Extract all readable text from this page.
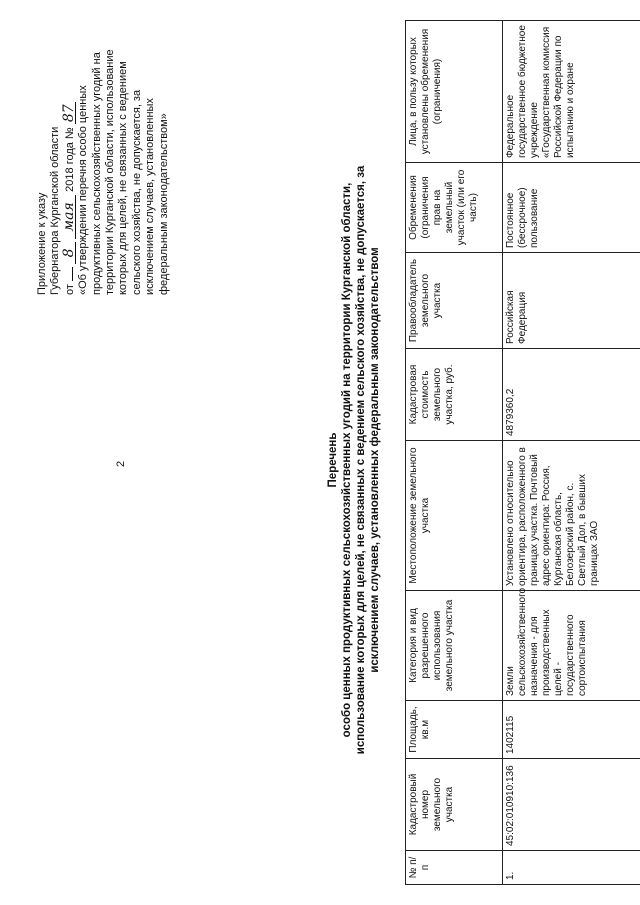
2
Приложение к указу Губернатора Курганской области от  8 мая 2018 года № 87 «Об утверждении перечня особо ценных продуктивных сельскохозяйственных угодий на территории Курганской области, использование которых для целей, не связанных с ведением сельского хозяйства, не допускается, за исключением случаев, установленных федеральным законодательством»
Перечень особо ценных продуктивных сельскохозяйственных угодий на территории Курганской области, использование которых для целей, не связанных с ведением сельского хозяйства, не допускается, за исключением случаев, установленных федеральным законодательством
№ п/п	Кадастровый номер земельного участка	Площадь, кв.м	Категория и вид разрешенного использования земельного участка	Местоположение земельного участка	Кадастровая стоимость земельного участка, руб.	Правообладатель земельного участка	Обременения (ограничения прав на земельный участок (или его часть)	Лица, в пользу которых установлены обременения (ограничения)
1.	45:02:010910:136	1402115	Земли сельскохозяйственного назначения - для производственных целей - государственного сортоиспытания	Установлено относительно ориентира, расположенного в границах участка. Почтовый адрес ориентира: Россия, Курганская область, Белозерский район, с. Светлый Дол, в бывших границах ЗАО	4879360,2	Российская Федерация	Постоянное (бессрочное) пользование	Федеральное государственное бюджетное учреждение «Государственная комиссия Российской Федерации по испытанию и охране
